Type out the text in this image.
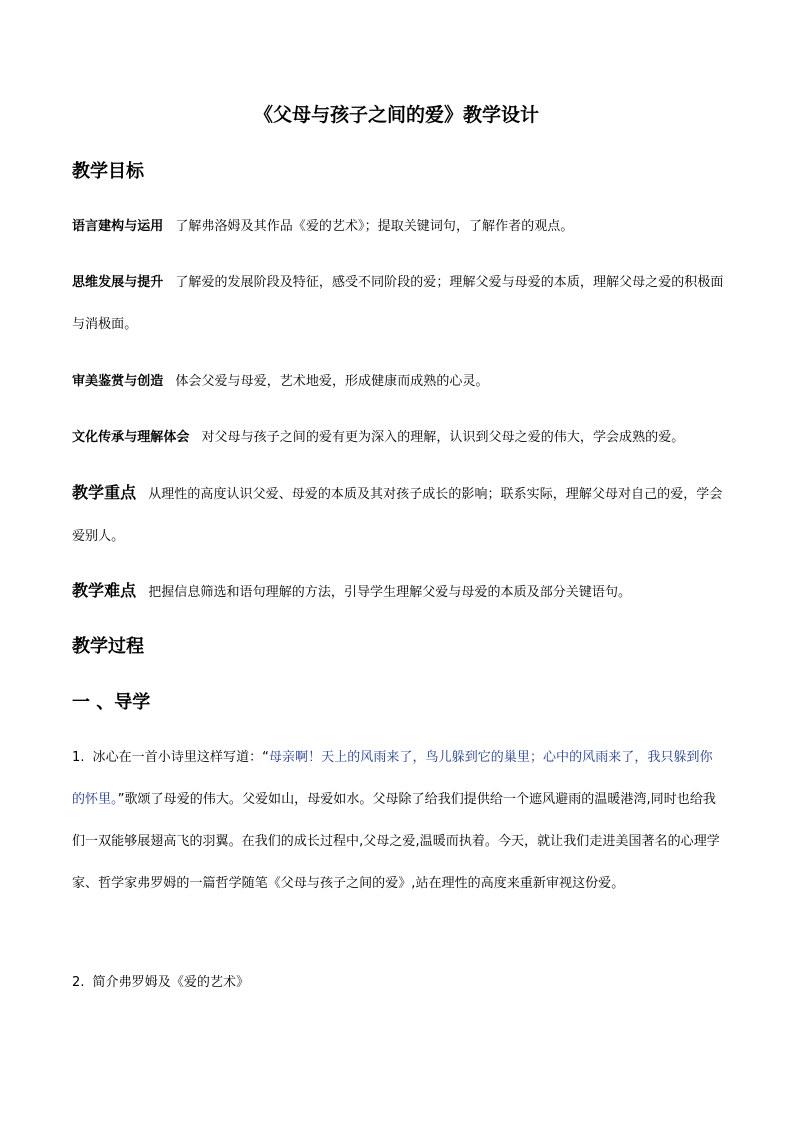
《父母与孩子之间的爱》教学设计
教学目标
语言建构与运用 了解弗洛姆及其作品《爱的艺术》；提取关键词句，了解作者的观点。
思维发展与提升 了解爱的发展阶段及特征，感受不同阶段的爱；理解父爱与母爱的本质，理解父母之爱的积极面与消极面。
审美鉴赏与创造 体会父爱与母爱，艺术地爱，形成健康而成熟的心灵。
文化传承与理解体会 对父母与孩子之间的爱有更为深入的理解，认识到父母之爱的伟大，学会成熟的爱。
教学重点 从理性的高度认识父爱、母爱的本质及其对孩子成长的影响；联系实际，理解父母对自己的爱，学会爱别人。
教学难点 把握信息筛选和语句理解的方法，引导学生理解父爱与母爱的本质及部分关键语句。
教学过程
一 、导学
1. 冰心在一首小诗里这样写道：“母亲啊！天上的风雨来了，鸟儿躲到它的巢里；心中的风雨来了，我只躲到你的怀里。”歌颂了母爱的伟大。父爱如山，母爱如水。父母除了给我们提供给一个遮风避雨的温暖港湾,同时也给我们一双能够展翅高飞的羽翼。在我们的成长过程中,父母之爱,温暖而执着。今天，就让我们走进美国著名的心理学家、哲学家弗罗姆的一篇哲学随笔《父母与孩子之间的爱》,站在理性的高度来重新审视这份爱。
2. 简介弗罗姆及《爱的艺术》
